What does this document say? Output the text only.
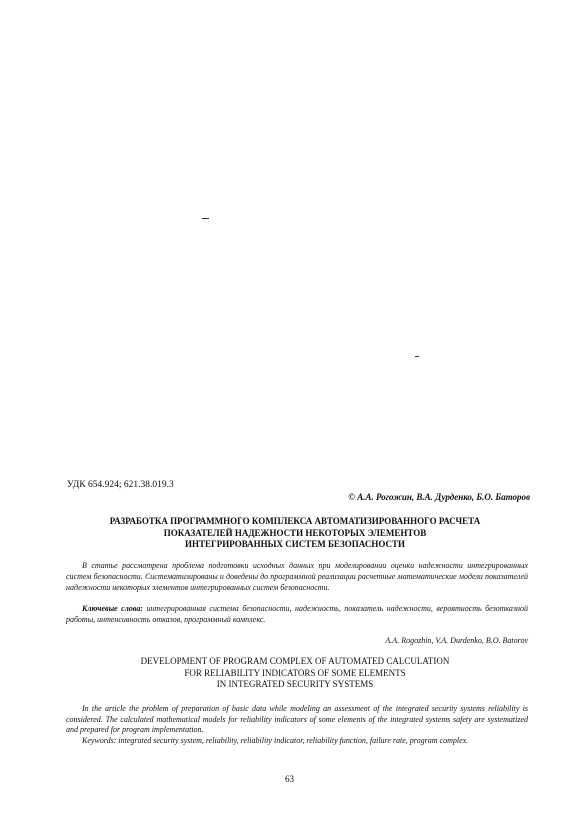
УДК 654.924; 621.38.019.3
© А.А. Рогожин, В.А. Дурденко, Б.О. Баторов
РАЗРАБОТКА ПРОГРАММНОГО КОМПЛЕКСА АВТОМАТИЗИРОВАННОГО РАСЧЕТА
ПОКАЗАТЕЛЕЙ НАДЕЖНОСТИ НЕКОТОРЫХ ЭЛЕМЕНТОВ
ИНТЕГРИРОВАННЫХ СИСТЕМ БЕЗОПАСНОСТИ

В статье рассмотрена проблема подготовки исходных данных при моделировании оценки надежности интегрированных систем безопасности. Систематизированы и доведены до программной реализации расчетные математические модели показателей надежности некоторых элементов интегрированных систем безопасности.

Ключевые слова: интегрированная система безопасности, надежность, показатель надежности, вероятность безотказной работы, интенсивность отказов, программный комплекс.

A.A. Rogozhin, V.A. Durdenko, B.O. Batorov
DEVELOPMENT OF PROGRAM COMPLEX OF AUTOMATED CALCULATION
FOR RELIABILITY INDICATORS OF SOME ELEMENTS
IN INTEGRATED SECURITY SYSTEMS

In the article the problem of preparation of basic data while modeling an assessment of the integrated security systems reliability is considered. The calculated mathematical models for reliability indicators of some elements of the integrated systems safety are systematized and prepared for program implementation.

Keywords: integrated security system, reliability, reliability indicator, reliability function, failure rate, program complex.

63
